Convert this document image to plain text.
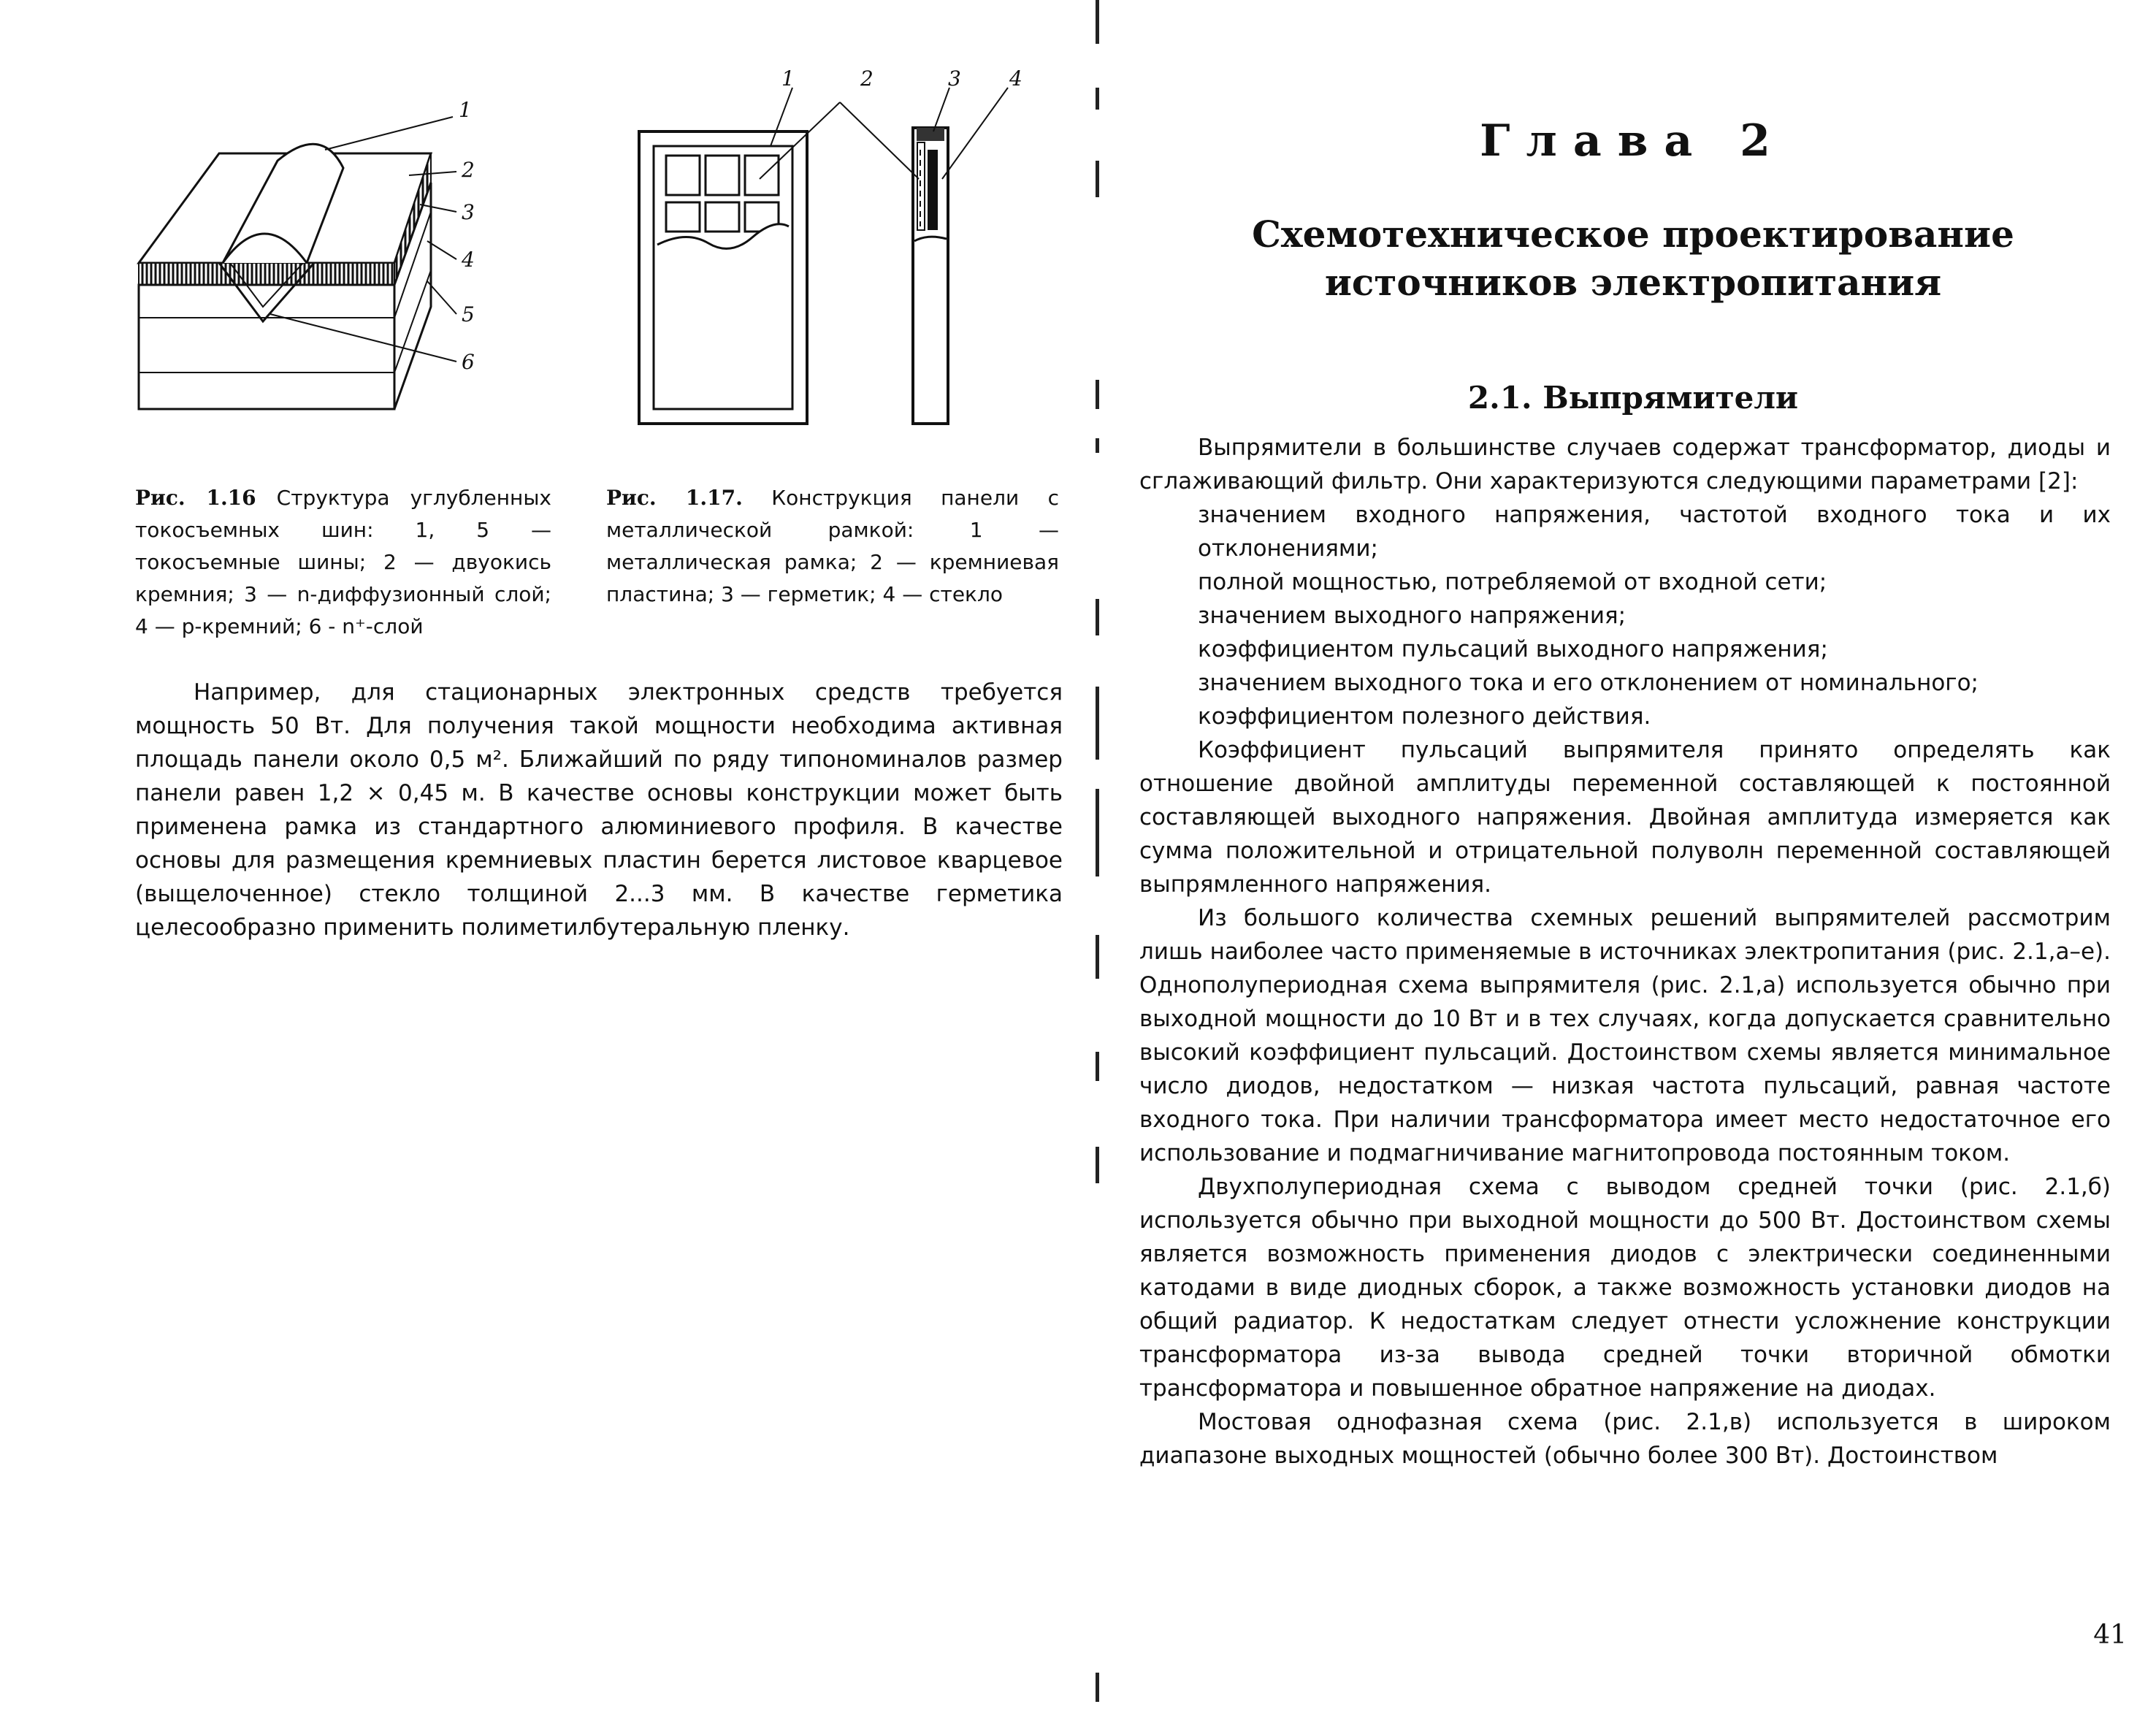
1
2
3
4
5
6
1	2	3 4
Рис. 1.16 Структура углубленных токосъемных шин: 1, 5 — токосъемные шины; 2 — двуокись кремния; 3 — n-диффузионный слой; 4 — p-кремний; 6 - n⁺-слой
Рис. 1.17. Конструкция панели с металлической рамкой: 1 — металлическая рамка; 2 — кремниевая пластина; 3 — герметик; 4 — стекло

Например, для стационарных электронных средств требуется мощность 50 Вт. Для получения такой мощности необходима активная площадь панели около 0,5 м². Ближайший по ряду типономиналов размер панели равен 1,2 × 0,45 м. В качестве основы конструкции может быть применена рамка из стандартного алюминиевого профиля. В качестве основы для размещения кремниевых пластин берется листовое кварцевое (выщелоченное) стекло толщиной 2...3 мм. В качестве герметика целесообразно применить полиметилбутеральную пленку.

Глава 2
Схемотехническое проектирование
источников электропитания
2.1. Выпрямители

Выпрямители в большинстве случаев содержат трансформатор, диоды и сглаживающий фильтр. Они характеризуются следующими параметрами [2]:

значением входного напряжения, частотой входного тока и их отклонениями;

полной мощностью, потребляемой от входной сети;

значением выходного напряжения;

коэффициентом пульсаций выходного напряжения;

значением выходного тока и его отклонением от номинального;

коэффициентом полезного действия.

Коэффициент пульсаций выпрямителя принято определять как отношение двойной амплитуды переменной составляющей к постоянной составляющей выходного напряжения. Двойная амплитуда измеряется как сумма положительной и отрицательной полуволн переменной составляющей выпрямленного напряжения.

Из большого количества схемных решений выпрямителей рассмотрим лишь наиболее часто применяемые в источниках электропитания (рис. 2.1,а–е). Однополупериодная схема выпрямителя (рис. 2.1,а) используется обычно при выходной мощности до 10 Вт и в тех случаях, когда допускается сравнительно высокий коэффициент пульсаций. Достоинством схемы является минимальное число диодов, недостатком — низкая частота пульсаций, равная частоте входного тока. При наличии трансформатора имеет место недостаточное его использование и подмагничивание магнитопровода постоянным током.

Двухполупериодная схема с выводом средней точки (рис. 2.1,б) используется обычно при выходной мощности до 500 Вт. Достоинством схемы является возможность применения диодов с электрически соединенными катодами в виде диодных сборок, а также возможность установки диодов на общий радиатор. К недостаткам следует отнести усложнение конструкции трансформатора из-за вывода средней точки вторичной обмотки трансформатора и повышенное обратное напряжение на диодах.

Мостовая однофазная схема (рис. 2.1,в) используется в широком диапазоне выходных мощностей (обычно более 300 Вт). Достоинством

41
